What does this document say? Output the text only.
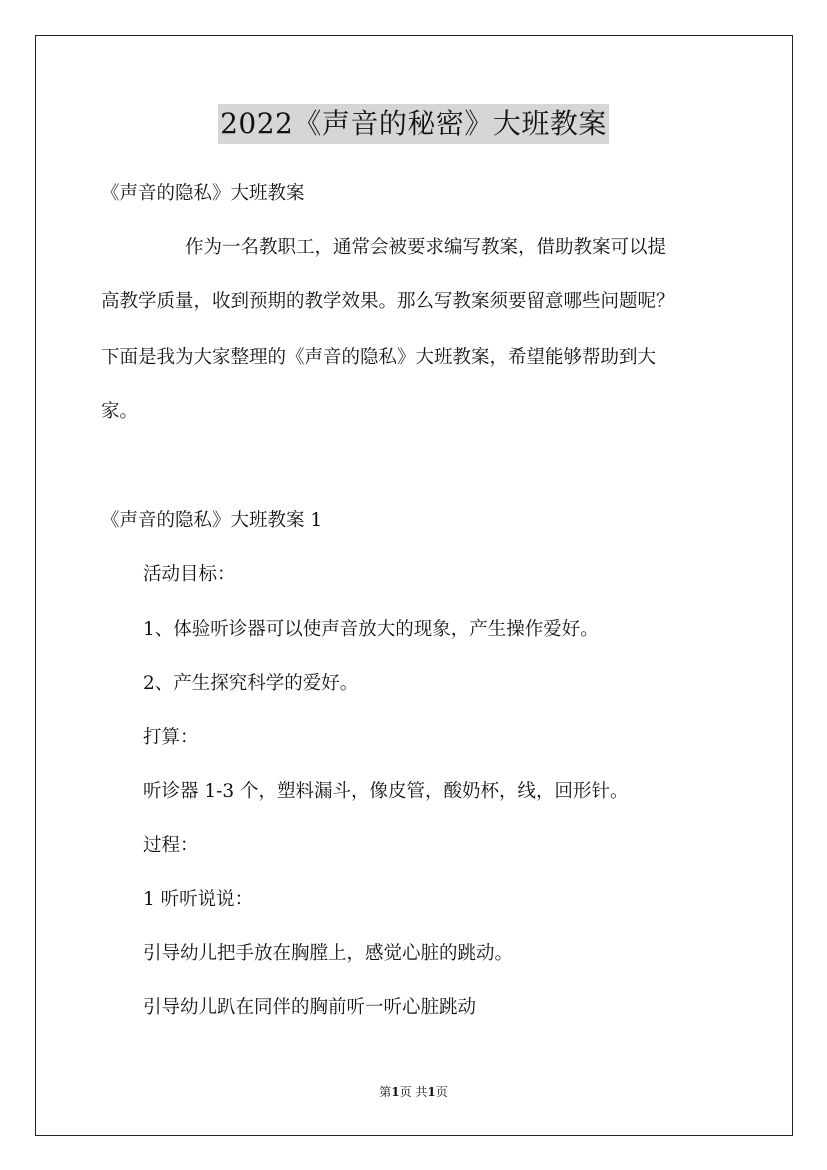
2022《声音的秘密》大班教案
《声音的隐私》大班教案
作为一名教职工，通常会被要求编写教案，借助教案可以提
高教学质量，收到预期的教学效果。那么写教案须要留意哪些问题呢？
下面是我为大家整理的《声音的隐私》大班教案，希望能够帮助到大
家。
《声音的隐私》大班教案 1
活动目标：
1、体验听诊器可以使声音放大的现象，产生操作爱好。
2、产生探究科学的爱好。
打算：
听诊器 1-3 个，塑料漏斗，像皮管，酸奶杯，线，回形针。
过程：
1 听听说说：
引导幼儿把手放在胸膛上，感觉心脏的跳动。
引导幼儿趴在同伴的胸前听一听心脏跳动
第1页 共1页
